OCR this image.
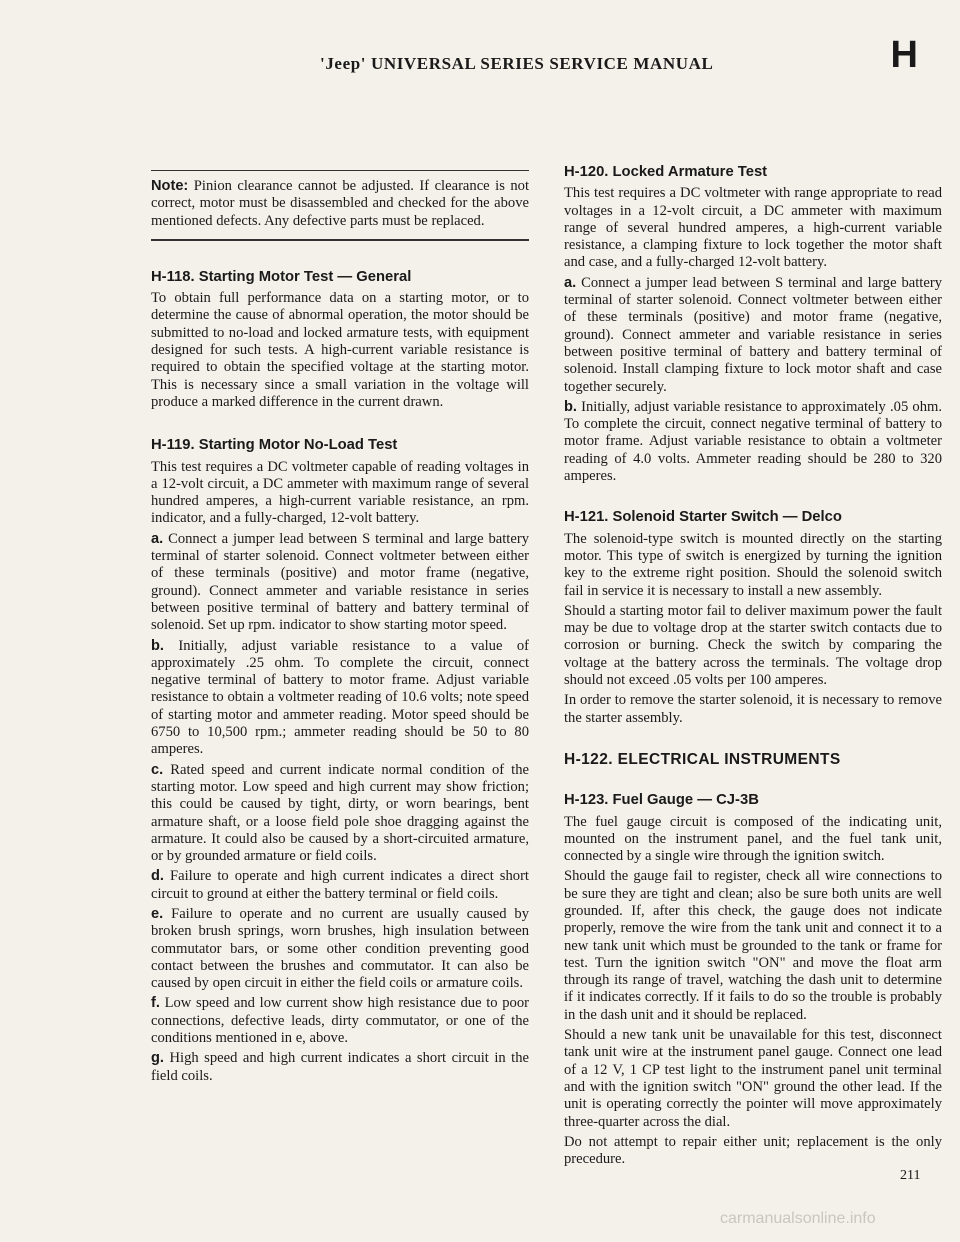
'Jeep' UNIVERSAL SERIES SERVICE MANUAL	H
Note: Pinion clearance cannot be adjusted. If clearance is not correct, motor must be disassembled and checked for the above mentioned defects. Any defective parts must be replaced.
H-118. Starting Motor Test — General

To obtain full performance data on a starting motor, or to determine the cause of abnormal operation, the motor should be submitted to no-load and locked armature tests, with equipment designed for such tests. A high-current variable resistance is required to obtain the specified voltage at the starting motor. This is necessary since a small variation in the voltage will produce a marked difference in the current drawn.

H-119. Starting Motor No-Load Test

This test requires a DC voltmeter capable of reading voltages in a 12-volt circuit, a DC ammeter with maximum range of several hundred amperes, a high-current variable resistance, an rpm. indicator, and a fully-charged, 12-volt battery.

a. Connect a jumper lead between S terminal and large battery terminal of starter solenoid. Connect voltmeter between either of these terminals (positive) and motor frame (negative, ground). Connect ammeter and variable resistance in series between positive terminal of battery and battery terminal of solenoid. Set up rpm. indicator to show starting motor speed.

b. Initially, adjust variable resistance to a value of approximately .25 ohm. To complete the circuit, connect negative terminal of battery to motor frame. Adjust variable resistance to obtain a voltmeter reading of 10.6 volts; note speed of starting motor and ammeter reading. Motor speed should be 6750 to 10,500 rpm.; ammeter reading should be 50 to 80 amperes.

c. Rated speed and current indicate normal condition of the starting motor. Low speed and high current may show friction; this could be caused by tight, dirty, or worn bearings, bent armature shaft, or a loose field pole shoe dragging against the armature. It could also be caused by a short-circuited armature, or by grounded armature or field coils.

d. Failure to operate and high current indicates a direct short circuit to ground at either the battery terminal or field coils.

e. Failure to operate and no current are usually caused by broken brush springs, worn brushes, high insulation between commutator bars, or some other condition preventing good contact between the brushes and commutator. It can also be caused by open circuit in either the field coils or armature coils.

f. Low speed and low current show high resistance due to poor connections, defective leads, dirty commutator, or one of the conditions mentioned in e, above.

g. High speed and high current indicates a short circuit in the field coils.

H-120. Locked Armature Test

This test requires a DC voltmeter with range appropriate to read voltages in a 12-volt circuit, a DC ammeter with maximum range of several hundred amperes, a high-current variable resistance, a clamping fixture to lock together the motor shaft and case, and a fully-charged 12-volt battery.

a. Connect a jumper lead between S terminal and large battery terminal of starter solenoid. Connect voltmeter between either of these terminals (positive) and motor frame (negative, ground). Connect ammeter and variable resistance in series between positive terminal of battery and battery terminal of solenoid. Install clamping fixture to lock motor shaft and case together securely.

b. Initially, adjust variable resistance to approximately .05 ohm. To complete the circuit, connect negative terminal of battery to motor frame. Adjust variable resistance to obtain a voltmeter reading of 4.0 volts. Ammeter reading should be 280 to 320 amperes.

H-121. Solenoid Starter Switch — Delco

The solenoid-type switch is mounted directly on the starting motor. This type of switch is energized by turning the ignition key to the extreme right position. Should the solenoid switch fail in service it is necessary to install a new assembly.

Should a starting motor fail to deliver maximum power the fault may be due to voltage drop at the starter switch contacts due to corrosion or burning. Check the switch by comparing the voltage at the battery across the terminals. The voltage drop should not exceed .05 volts per 100 amperes.

In order to remove the starter solenoid, it is necessary to remove the starter assembly.

H-122. ELECTRICAL INSTRUMENTS
H-123. Fuel Gauge — CJ-3B

The fuel gauge circuit is composed of the indicating unit, mounted on the instrument panel, and the fuel tank unit, connected by a single wire through the ignition switch.

Should the gauge fail to register, check all wire connections to be sure they are tight and clean; also be sure both units are well grounded. If, after this check, the gauge does not indicate properly, remove the wire from the tank unit and connect it to a new tank unit which must be grounded to the tank or frame for test. Turn the ignition switch "ON" and move the float arm through its range of travel, watching the dash unit to determine if it indicates correctly. If it fails to do so the trouble is probably in the dash unit and it should be replaced.

Should a new tank unit be unavailable for this test, disconnect tank unit wire at the instrument panel gauge. Connect one lead of a 12 V, 1 CP test light to the instrument panel unit terminal and with the ignition switch "ON" ground the other lead. If the unit is operating correctly the pointer will move approximately three-quarter across the dial.

Do not attempt to repair either unit; replacement is the only precedure.

211
carmanualsonline.info
